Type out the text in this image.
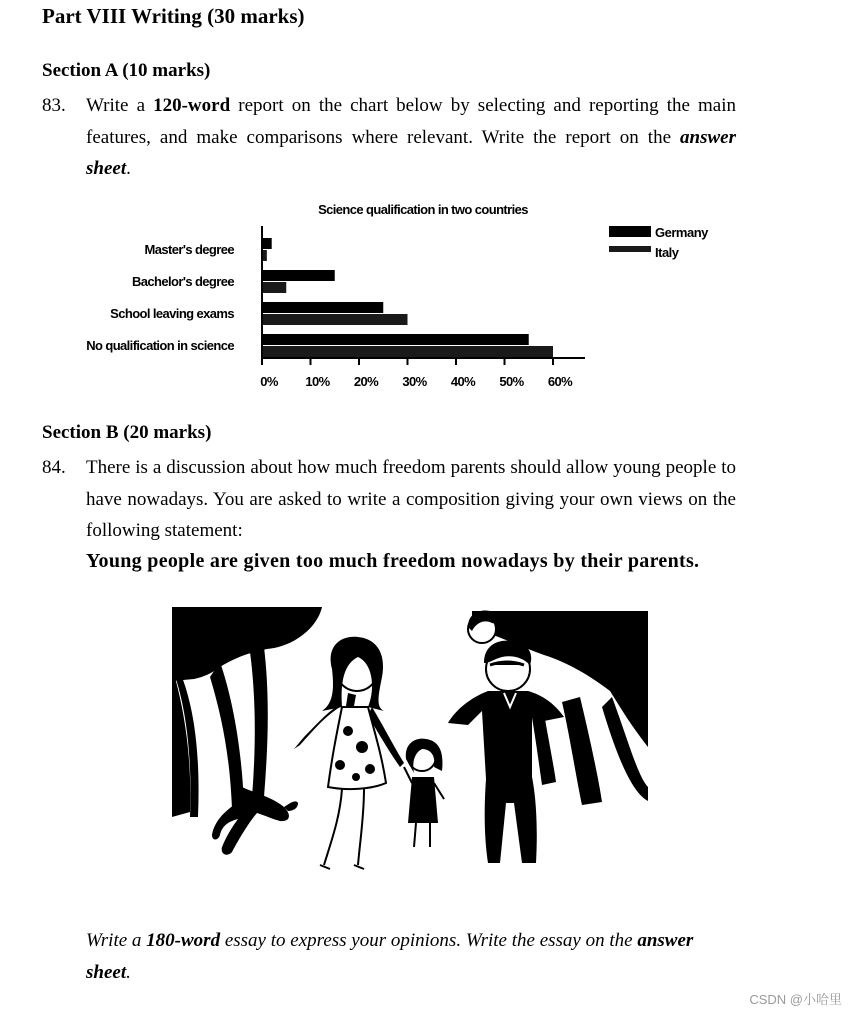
Part VIII Writing (30 marks)
Section A (10 marks)
83. Write a 120-word report on the chart below by selecting and reporting the main features, and make comparisons where relevant. Write the report on the answer sheet.
Science qualification in two countries
Master's degree
Bachelor's degree
School leaving exams
No qualification in science
0% 10% 20% 30% 40% 50% 60%
Germany
Italy
Section B (20 marks)
84. There is a discussion about how much freedom parents should allow young people to have nowadays. You are asked to write a composition giving your own views on the following statement:
Young people are given too much freedom nowadays by their parents.
Write a 180-word essay to express your opinions. Write the essay on the answer sheet.
CSDN @小哈里
